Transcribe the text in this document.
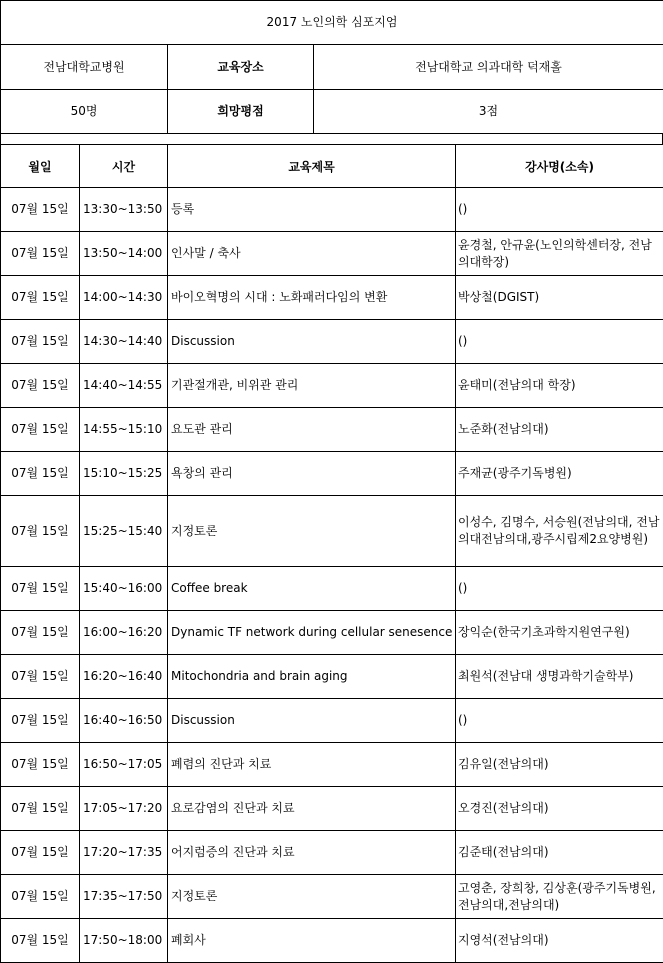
2017 노인의학 심포지엄		
전남대학교병원	교육장소	전남대학교 의과대학 덕재홀
50명	희망평점	3점
월일	시간	교육제목	강사명(소속)
07월 15일	13:30~13:50	등록	()
07월 15일	13:50~14:00	인사말 / 축사	윤경철, 안규윤(노인의학센터장, 전남의대학장)
07월 15일	14:00~14:30	바이오혁명의 시대 : 노화패러다임의 변환	박상철(DGIST)
07월 15일	14:30~14:40	Discussion	()
07월 15일	14:40~14:55	기관절개관, 비위관 관리	윤태미(전남의대 학장)
07월 15일	14:55~15:10	요도관 관리	노준화(전남의대)
07월 15일	15:10~15:25	욕창의 관리	주재균(광주기독병원)
07월 15일	15:25~15:40	지정토론	이성수, 김명수, 서승원(전남의대, 전남의대전남의대,광주시립제2요양병원)
07월 15일	15:40~16:00	Coffee break	()
07월 15일	16:00~16:20	Dynamic TF network during cellular senesence	장익순(한국기초과학지원연구원)
07월 15일	16:20~16:40	Mitochondria and brain aging	최원석(전남대 생명과학기술학부)
07월 15일	16:40~16:50	Discussion	()
07월 15일	16:50~17:05	폐렴의 진단과 치료	김유일(전남의대)
07월 15일	17:05~17:20	요로감염의 진단과 치료	오경진(전남의대)
07월 15일	17:20~17:35	어지럼증의 진단과 치료	김준태(전남의대)
07월 15일	17:35~17:50	지정토론	고영춘, 장희창, 김상훈(광주기독병원, 전남의대,전남의대)
07월 15일	17:50~18:00	폐회사	지영석(전남의대)
